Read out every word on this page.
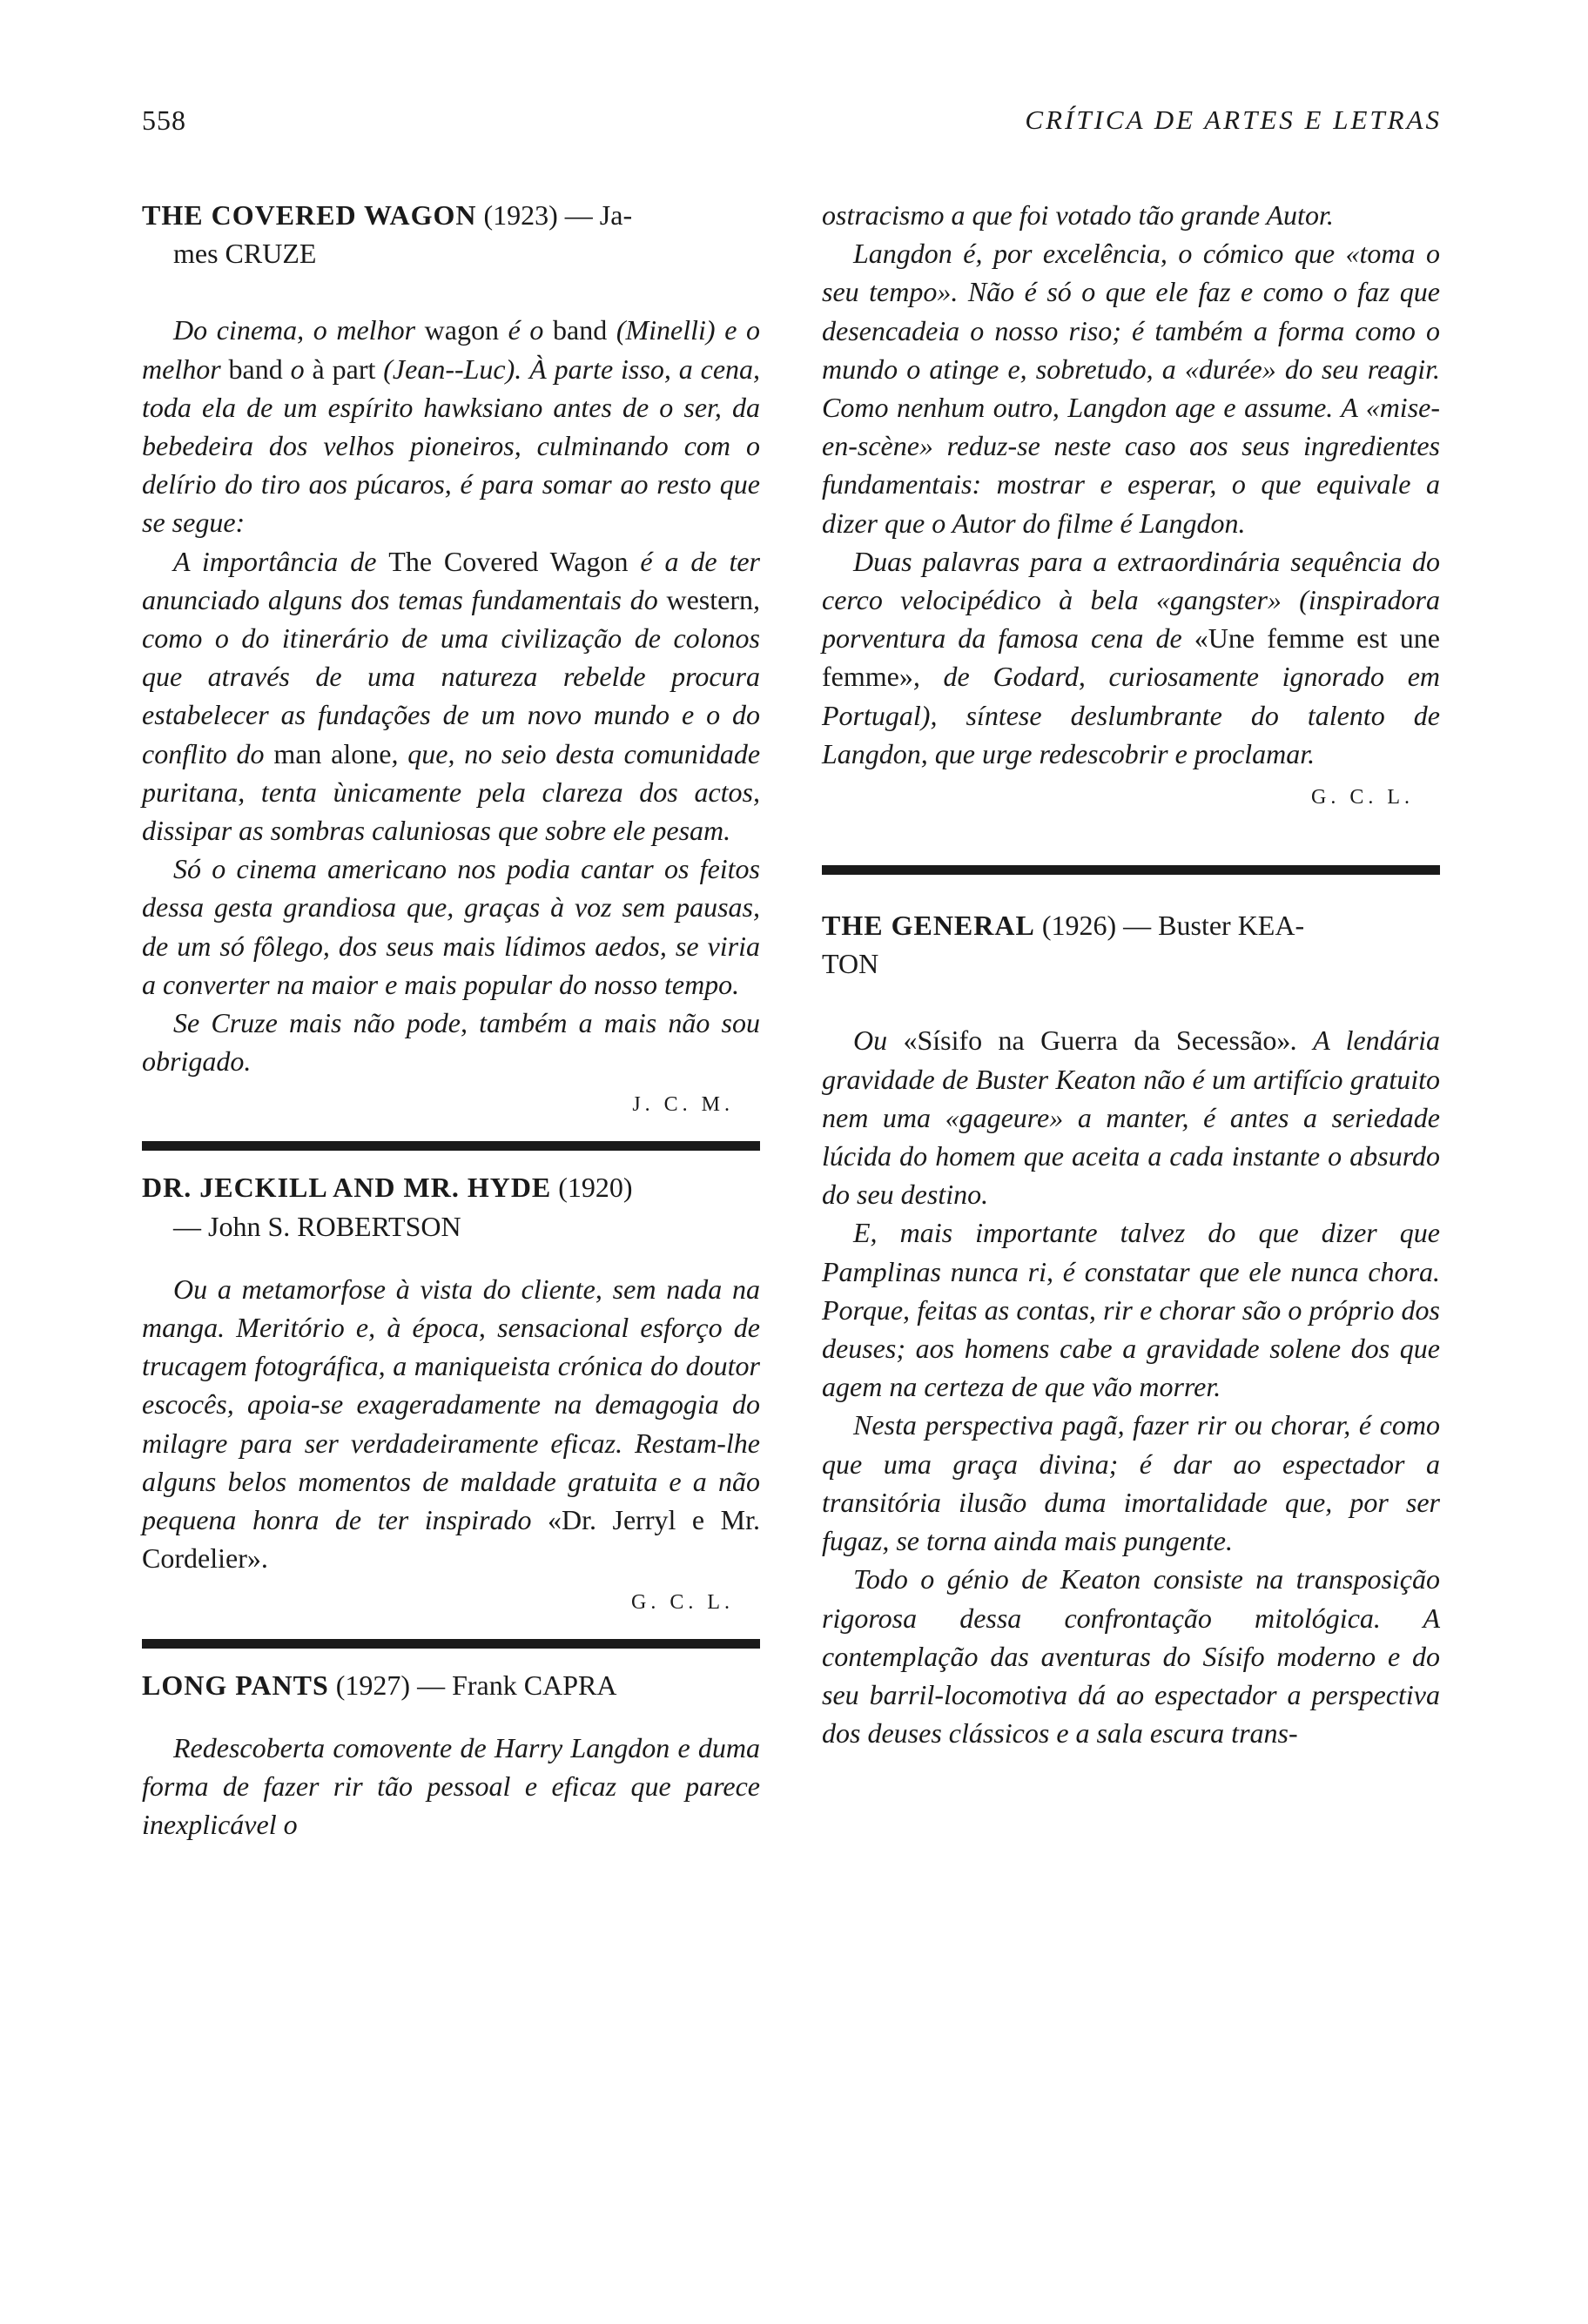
558	CRÍTICA DE ARTES E LETRAS
THE COVERED WAGON (1923) — Ja-
mes CRUZE

Do cinema, o melhor wagon é o band (Minelli) e o melhor band o à part (Jean--Luc). À parte isso, a cena, toda ela de um espírito hawksiano antes de o ser, da bebedeira dos velhos pioneiros, culminando com o delírio do tiro aos púcaros, é para somar ao resto que se segue:

A importância de The Covered Wagon é a de ter anunciado alguns dos temas fundamentais do western, como o do itinerário de uma civilização de colonos que através de uma natureza rebelde procura estabelecer as fundações de um novo mundo e o do conflito do man alone, que, no seio desta comunidade puritana, tenta ùnicamente pela clareza dos actos, dissipar as sombras caluniosas que sobre ele pesam.

Só o cinema americano nos podia cantar os feitos dessa gesta grandiosa que, graças à voz sem pausas, de um só fôlego, dos seus mais lídimos aedos, se viria a converter na maior e mais popular do nosso tempo.

Se Cruze mais não pode, também a mais não sou obrigado.

J. C. M.
DR. JECKILL AND MR. HYDE (1920)
— John S. ROBERTSON

Ou a metamorfose à vista do cliente, sem nada na manga. Meritório e, à época, sensacional esforço de trucagem fotográfica, a maniqueista crónica do doutor escocês, apoia-se exageradamente na demagogia do milagre para ser verdadeiramente eficaz. Restam-lhe alguns belos momentos de maldade gratuita e a não pequena honra de ter inspirado «Dr. Jerryl e Mr. Cordelier».

G. C. L.
LONG PANTS (1927) — Frank CAPRA

Redescoberta comovente de Harry Langdon e duma forma de fazer rir tão pessoal e eficaz que parece inexplicável o

ostracismo a que foi votado tão grande Autor.

Langdon é, por excelência, o cómico que «toma o seu tempo». Não é só o que ele faz e como o faz que desencadeia o nosso riso; é também a forma como o mundo o atinge e, sobretudo, a «durée» do seu reagir. Como nenhum outro, Langdon age e assume. A «mise-en-scène» reduz-se neste caso aos seus ingredientes fundamentais: mostrar e esperar, o que equivale a dizer que o Autor do filme é Langdon.

Duas palavras para a extraordinária sequência do cerco velocipédico à bela «gangster» (inspiradora porventura da famosa cena de «Une femme est une femme», de Godard, curiosamente ignorado em Portugal), síntese deslumbrante do talento de Langdon, que urge redescobrir e proclamar.

G. C. L.
THE GENERAL (1926) — Buster KEA-
TON

Ou «Sísifo na Guerra da Secessão». A lendária gravidade de Buster Keaton não é um artifício gratuito nem uma «gageure» a manter, é antes a seriedade lúcida do homem que aceita a cada instante o absurdo do seu destino.

E, mais importante talvez do que dizer que Pamplinas nunca ri, é constatar que ele nunca chora. Porque, feitas as contas, rir e chorar são o próprio dos deuses; aos homens cabe a gravidade solene dos que agem na certeza de que vão morrer.

Nesta perspectiva pagã, fazer rir ou chorar, é como que uma graça divina; é dar ao espectador a transitória ilusão duma imortalidade que, por ser fugaz, se torna ainda mais pungente.

Todo o génio de Keaton consiste na transposição rigorosa dessa confrontação mitológica. A contemplação das aventuras do Sísifo moderno e do seu barril-locomotiva dá ao espectador a perspectiva dos deuses clássicos e a sala escura trans-
